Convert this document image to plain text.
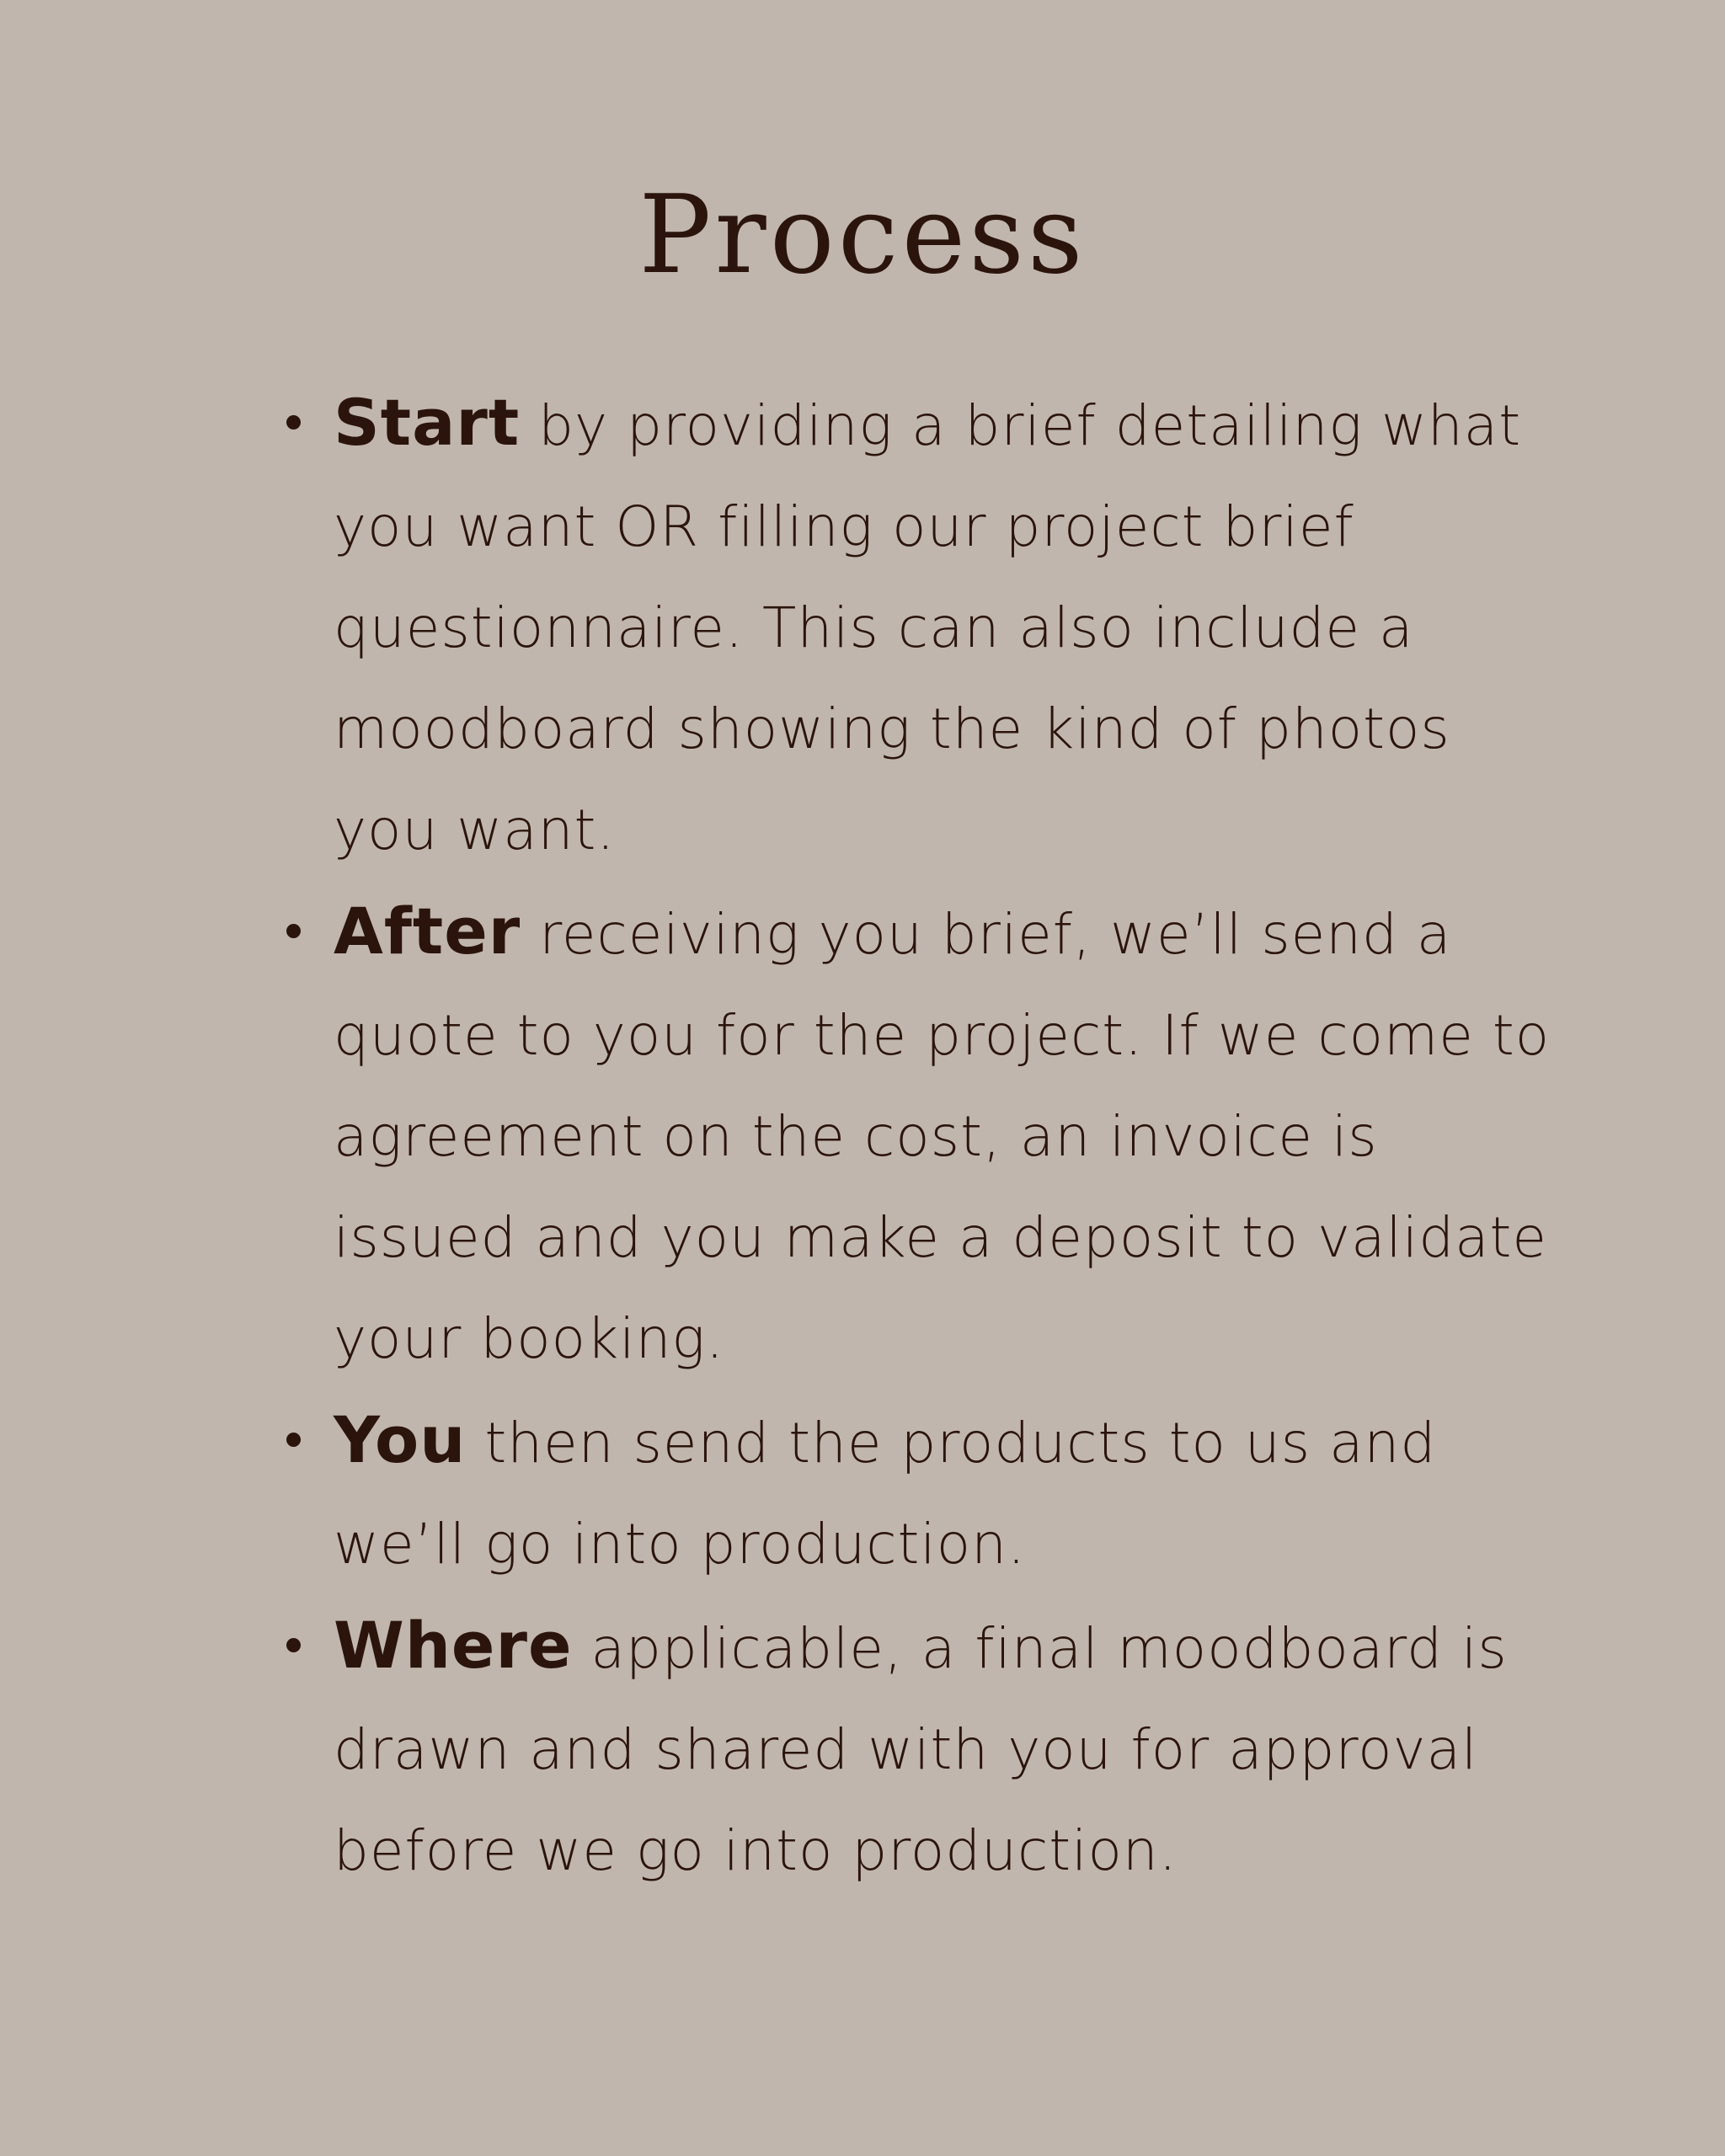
Process
Start by providing a brief detailing what you want OR filling our project brief questionnaire. This can also include a moodboard showing the kind of photos you want.
After receiving you brief, we’ll send a quote to you for the project. If we come to agreement on the cost, an invoice is issued and you make a deposit to validate your booking.
You then send the products to us and we’ll go into production.
Where applicable, a final moodboard is drawn and shared with you for approval before we go into production.
